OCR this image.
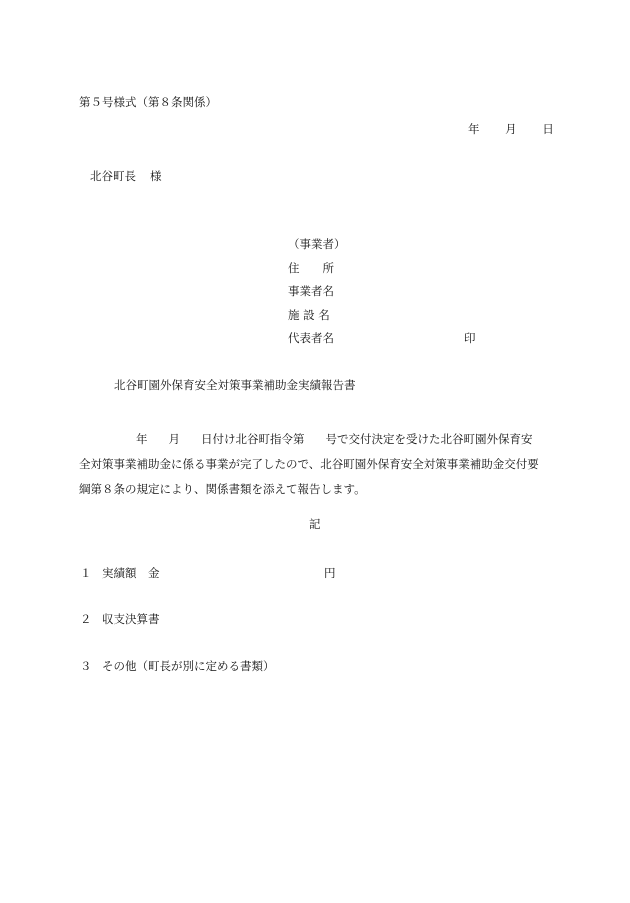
第５号様式（第８条関係）
年 月 日
北谷町長 様
（事業者）
住　　所
事業者名
施 設 名
代表者名	印
北谷町園外保育安全対策事業補助金実績報告書
年 月 日付け北谷町指令第 号で交付決定を受けた北谷町園外保育安
全対策事業補助金に係る事業が完了したので、北谷町園外保育安全対策事業補助金交付要
綱第８条の規定により、関係書類を添えて報告します。
記
１ 実績額　金	円
２ 収支決算書
３ その他（町長が別に定める書類）
